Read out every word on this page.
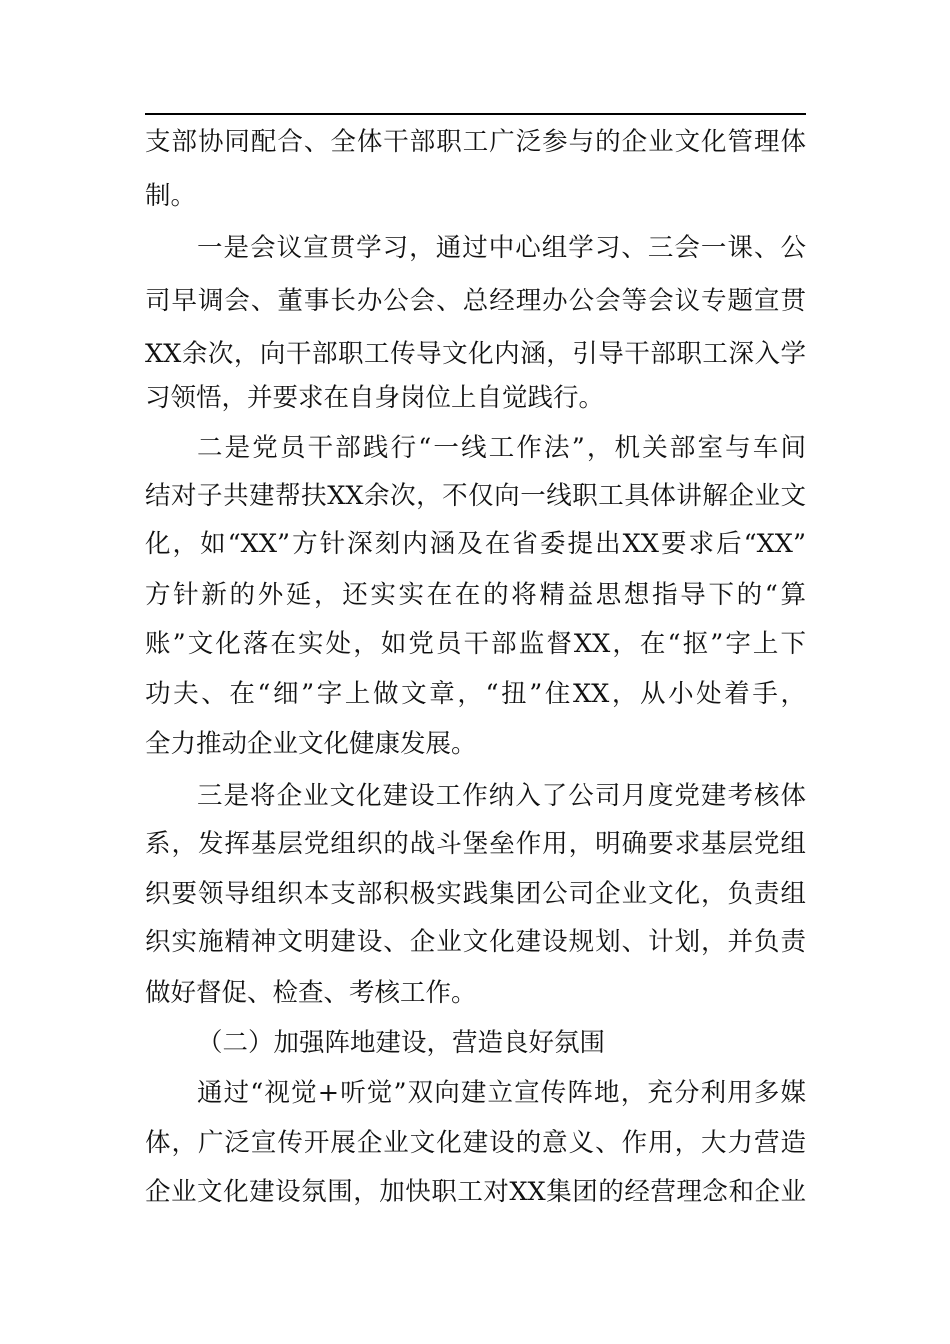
支部协同配合、全体干部职工广泛参与的企业文化管理体
制。
一是会议宣贯学习，通过中心组学习、三会一课、公
司早调会、董事长办公会、总经理办公会等会议专题宣贯
XX余次，向干部职工传导文化内涵，引导干部职工深入学
习领悟，并要求在自身岗位上自觉践行。
二是党员干部践行“一线工作法”，机关部室与车间
结对子共建帮扶XX余次，不仅向一线职工具体讲解企业文
化，如“XX”方针深刻内涵及在省委提出XX要求后“XX”
方针新的外延，还实实在在的将精益思想指导下的“算
账”文化落在实处，如党员干部监督XX，在“抠”字上下
功夫、在“细”字上做文章，“扭”住XX，从小处着手，
全力推动企业文化健康发展。
三是将企业文化建设工作纳入了公司月度党建考核体
系，发挥基层党组织的战斗堡垒作用，明确要求基层党组
织要领导组织本支部积极实践集团公司企业文化，负责组
织实施精神文明建设、企业文化建设规划、计划，并负责
做好督促、检查、考核工作。
（二）加强阵地建设，营造良好氛围
通过“视觉+听觉”双向建立宣传阵地，充分利用多媒
体，广泛宣传开展企业文化建设的意义、作用，大力营造
企业文化建设氛围，加快职工对XX集团的经营理念和企业
